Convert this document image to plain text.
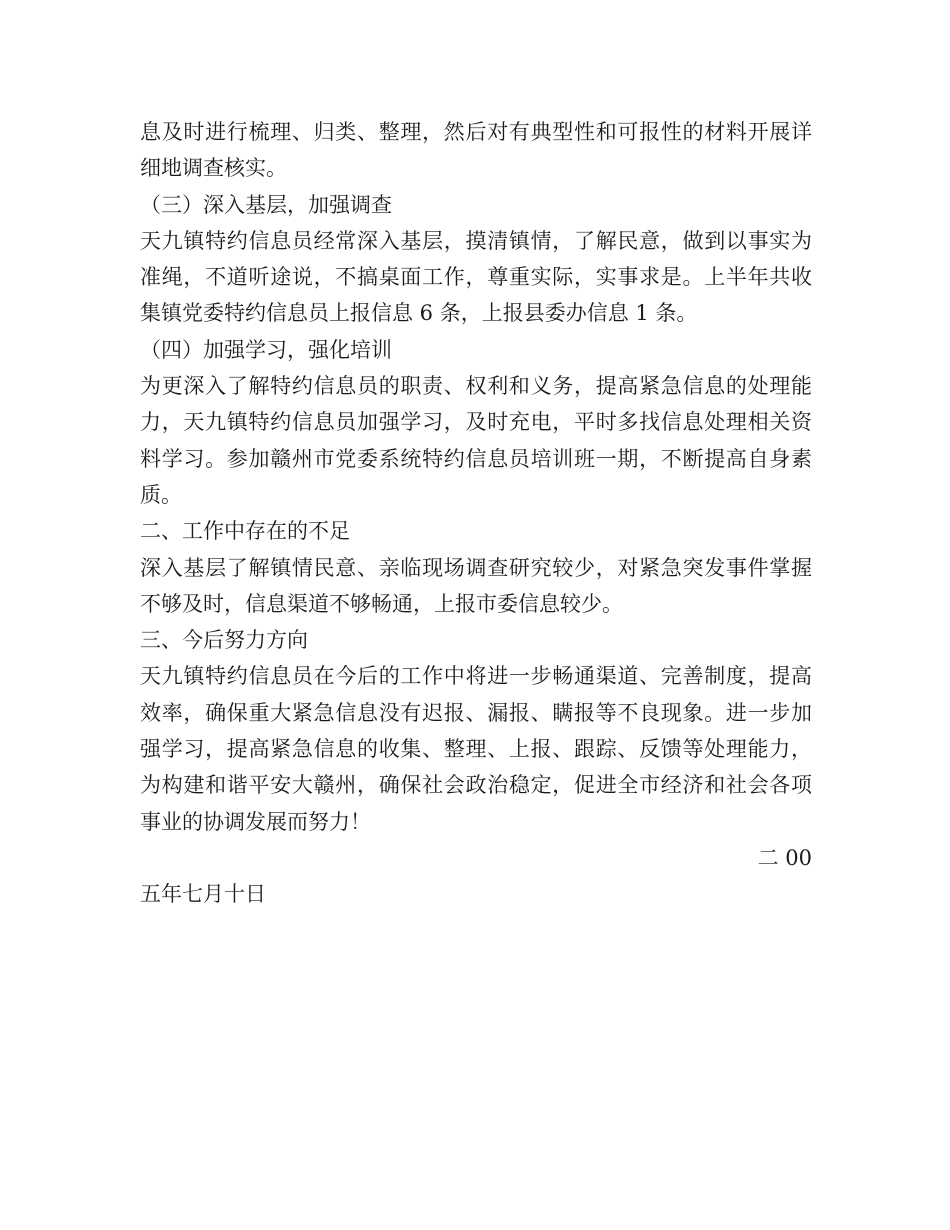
息及时进行梳理、归类、整理，然后对有典型性和可报性的材料开展详
细地调查核实。
（三）深入基层，加强调查
天九镇特约信息员经常深入基层，摸清镇情，了解民意，做到以事实为
准绳，不道听途说，不搞桌面工作，尊重实际，实事求是。上半年共收
集镇党委特约信息员上报信息 6 条，上报县委办信息 1 条。
（四）加强学习，强化培训
为更深入了解特约信息员的职责、权利和义务，提高紧急信息的处理能
力，天九镇特约信息员加强学习，及时充电，平时多找信息处理相关资
料学习。参加赣州市党委系统特约信息员培训班一期，不断提高自身素
质。
二、工作中存在的不足
深入基层了解镇情民意、亲临现场调查研究较少，对紧急突发事件掌握
不够及时，信息渠道不够畅通，上报市委信息较少。
三、今后努力方向
天九镇特约信息员在今后的工作中将进一步畅通渠道、完善制度，提高
效率，确保重大紧急信息没有迟报、漏报、瞒报等不良现象。进一步加
强学习，提高紧急信息的收集、整理、上报、跟踪、反馈等处理能力，
为构建和谐平安大赣州，确保社会政治稳定，促进全市经济和社会各项
事业的协调发展而努力！
二 00
五年七月十日
